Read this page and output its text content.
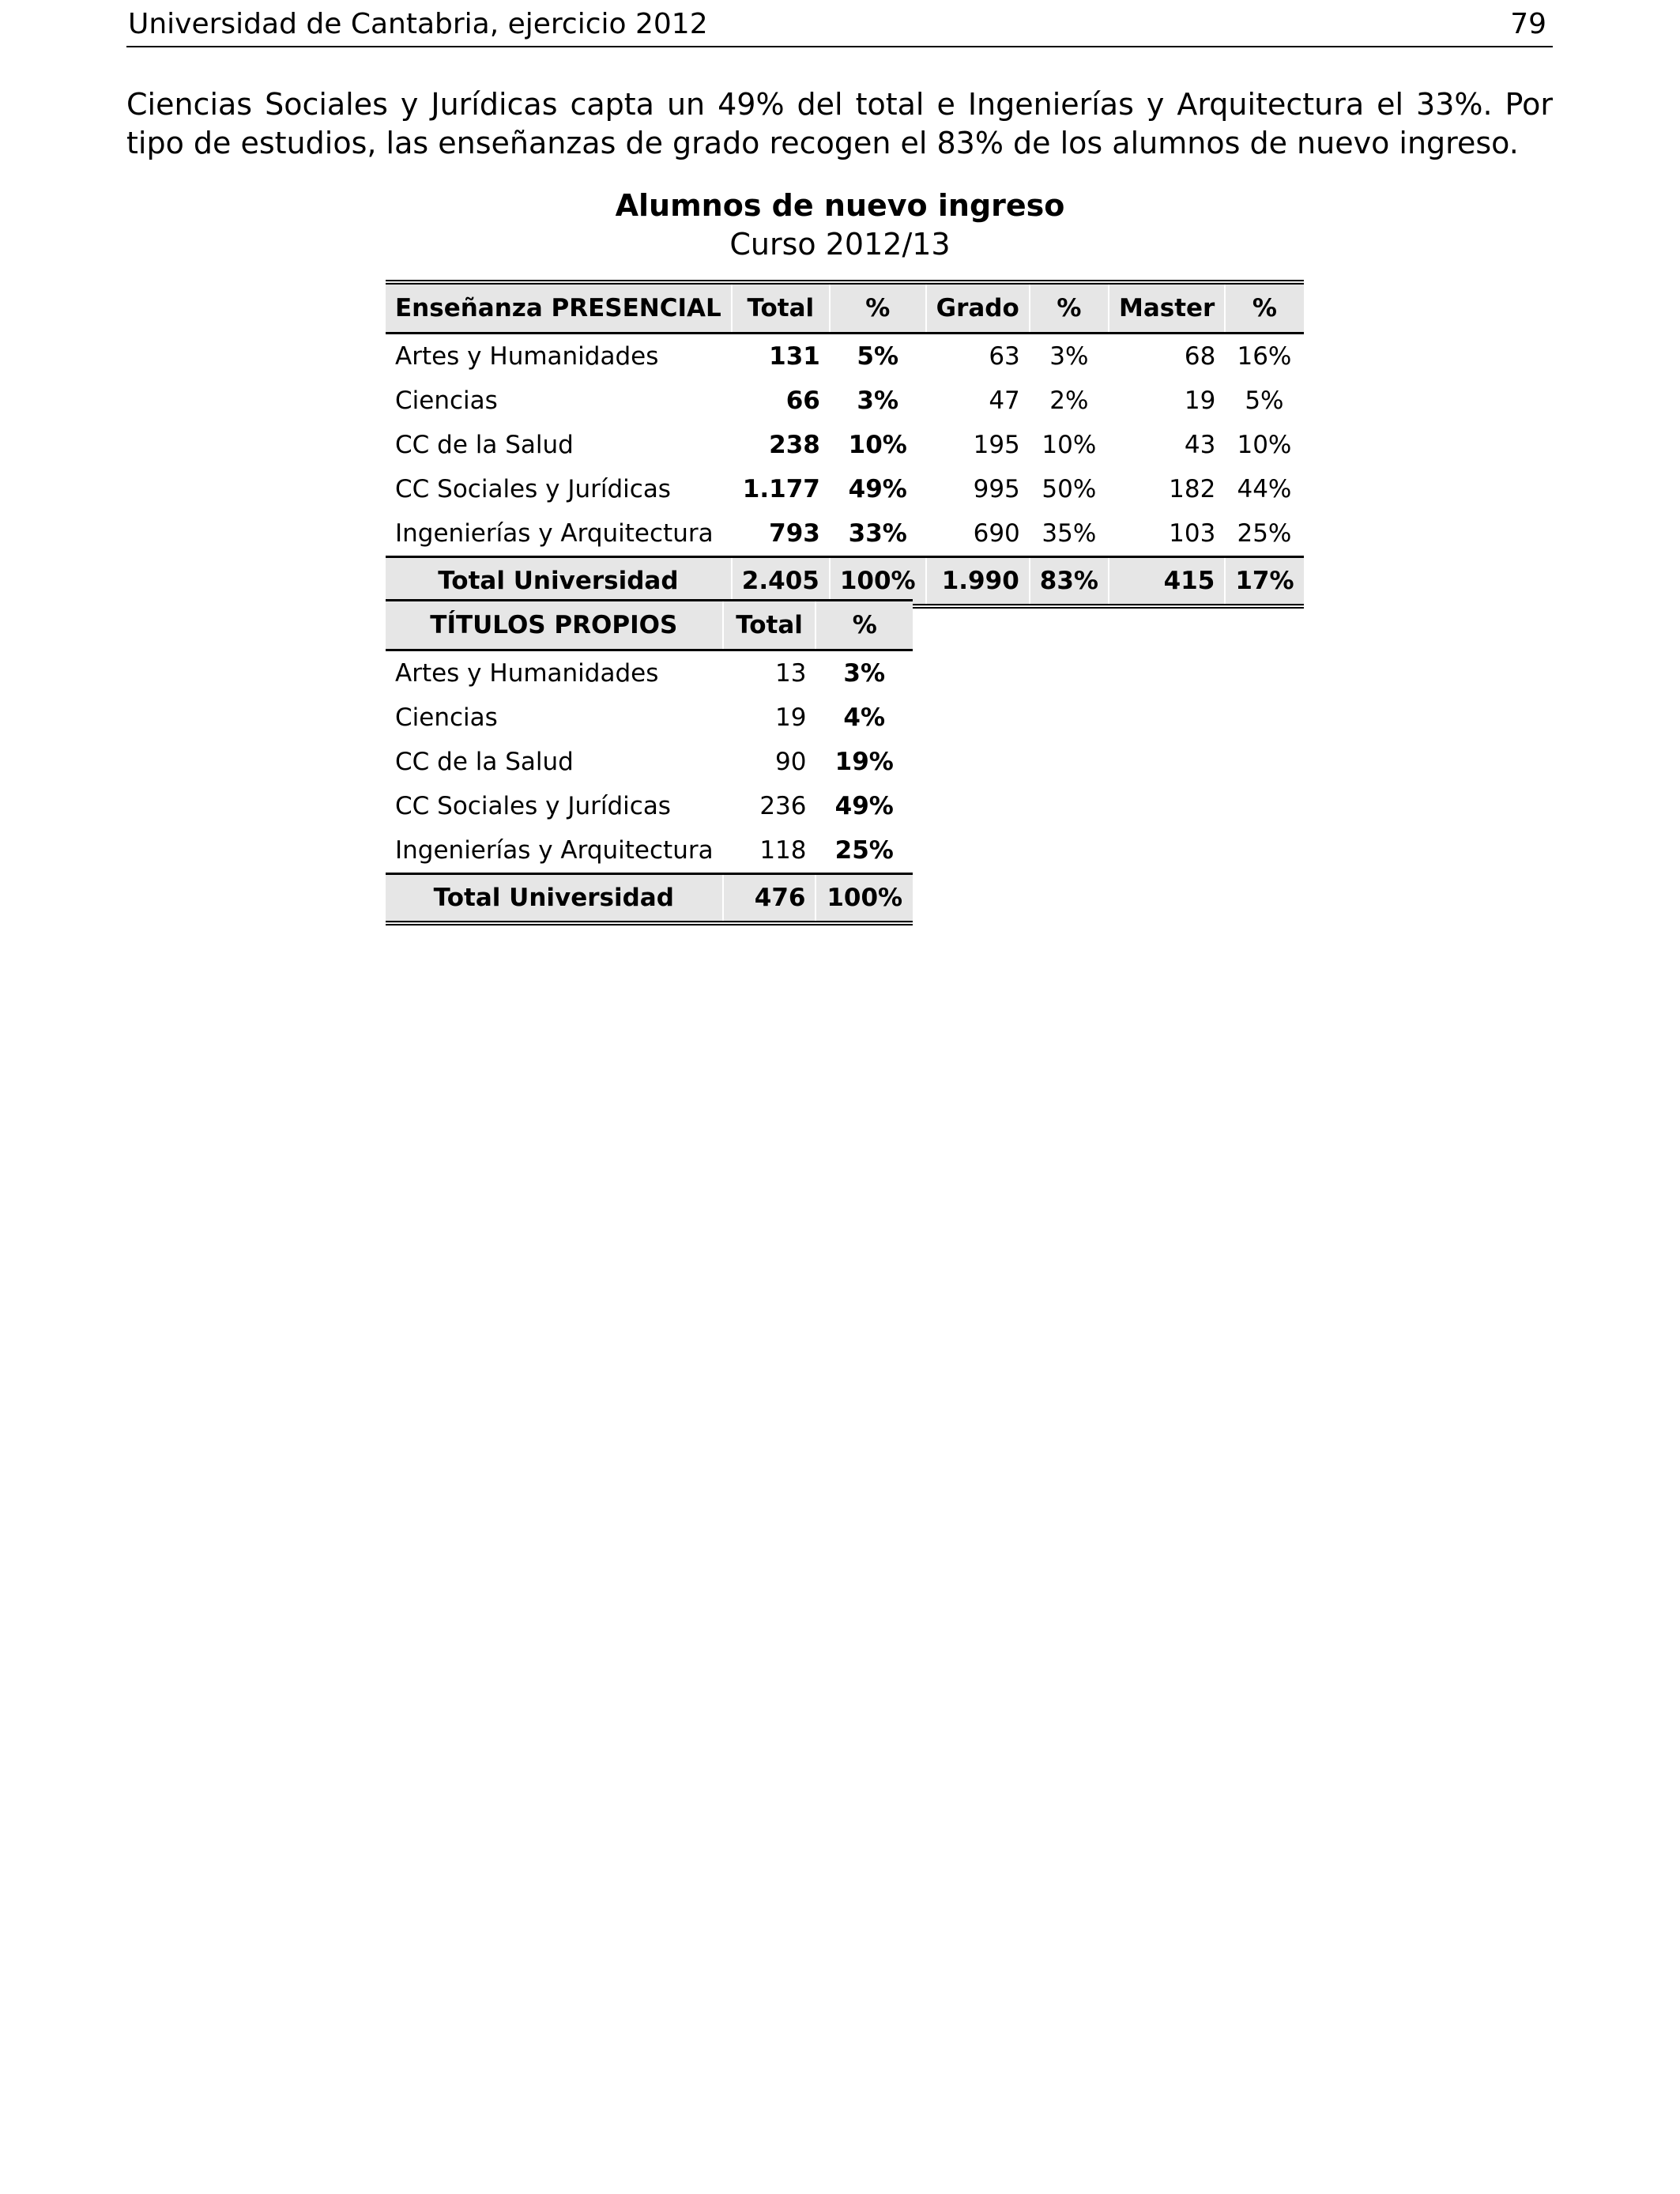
Universidad de Cantabria, ejercicio 2012	79
Ciencias Sociales y Jurídicas capta un 49% del total e Ingenierías y Arquitectura el 33%. Por tipo de estudios, las enseñanzas de grado recogen el 83% de los alumnos de nuevo ingreso.
Alumnos de nuevo ingreso
Curso 2012/13
Enseñanza PRESENCIAL	Total	%	Grado	%	Master	%
Artes y Humanidades	131	5%	63	3%	68	16%
Ciencias	66	3%	47	2%	19	5%
CC de la Salud	238	10%	195	10%	43	10%
CC Sociales y Jurídicas	1.177	49%	995	50%	182	44%
Ingenierías y Arquitectura	793	33%	690	35%	103	25%
Total Universidad	2.405	100%	1.990	83%	415	17%
TÍTULOS PROPIOS	Total	%
Artes y Humanidades	13	3%
Ciencias	19	4%
CC de la Salud	90	19%
CC Sociales y Jurídicas	236	49%
Ingenierías y Arquitectura	118	25%
Total Universidad	476	100%
